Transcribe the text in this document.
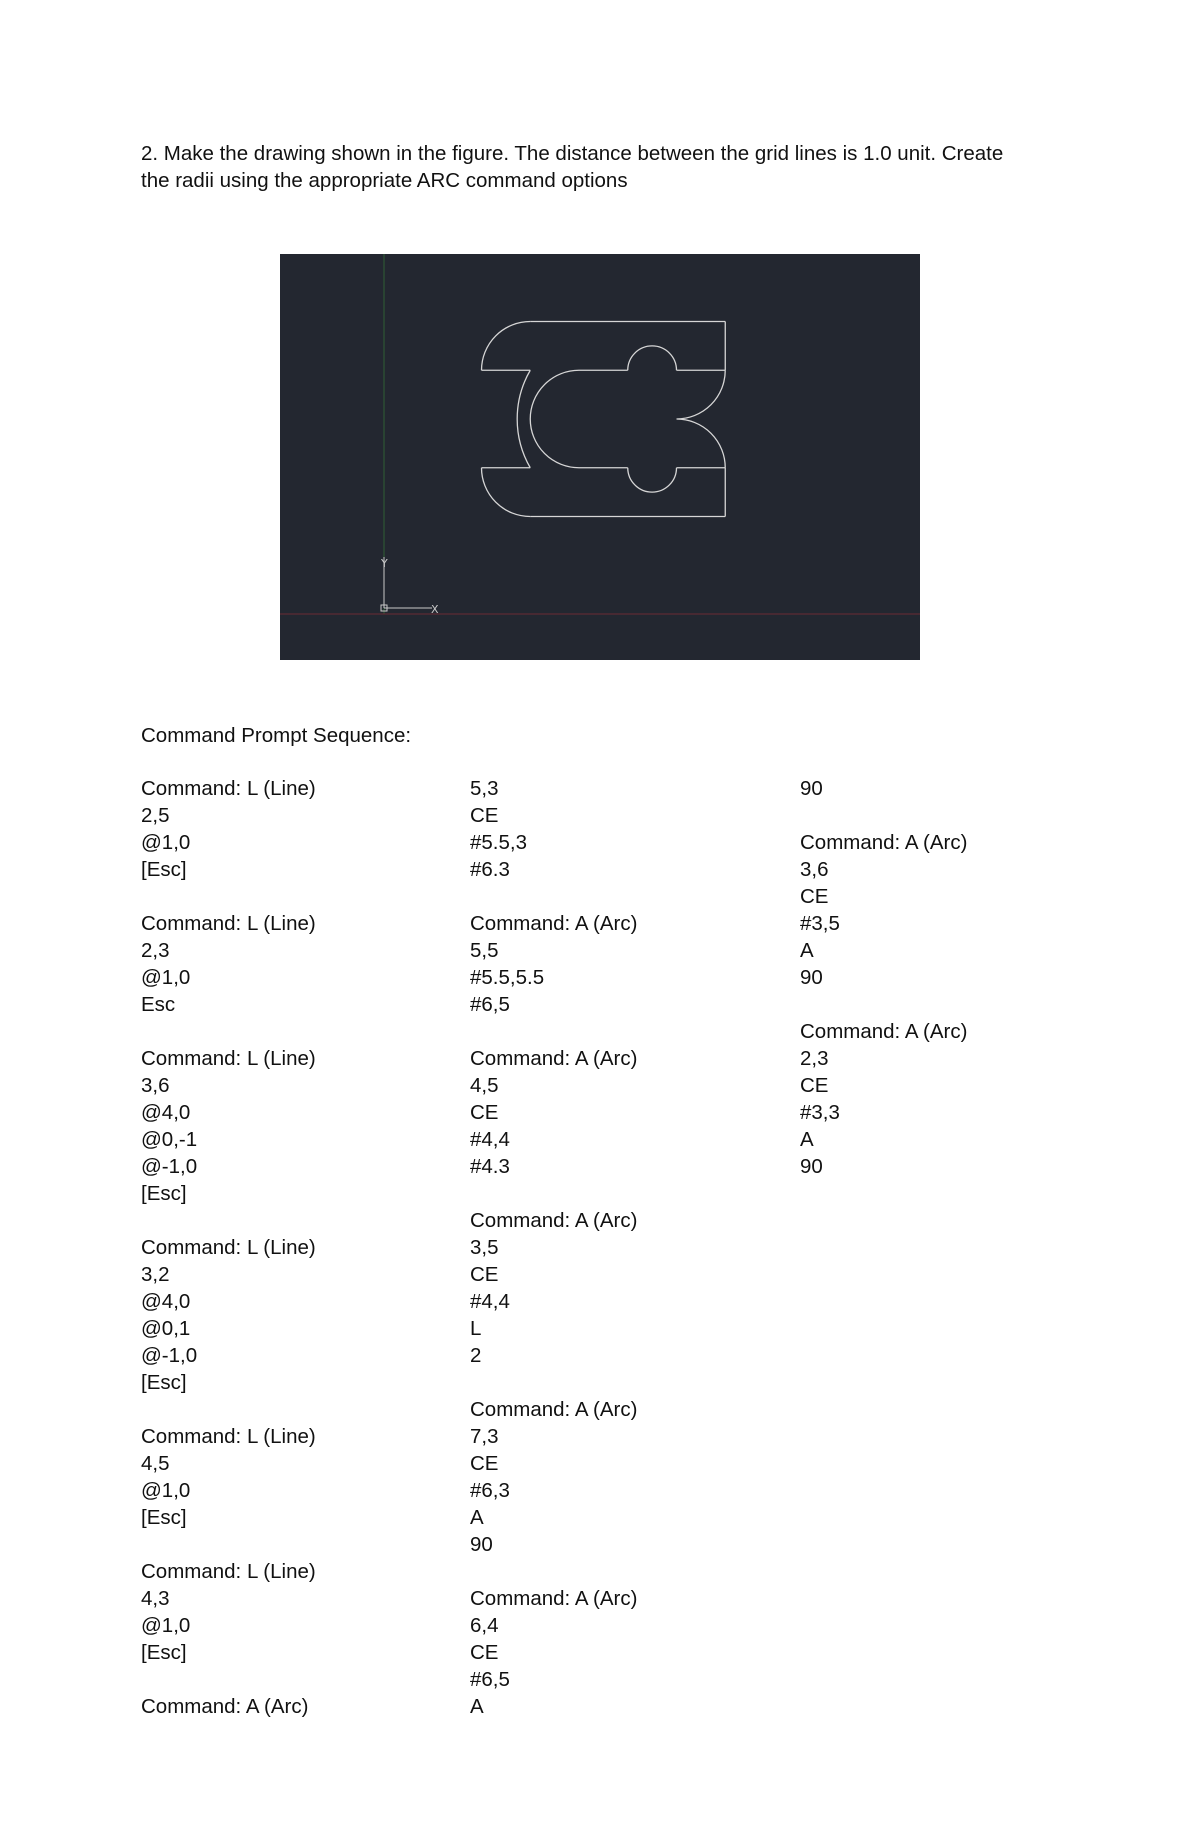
2. Make the drawing shown in the figure. The distance between the grid lines is 1.0 unit. Create
the radii using the appropriate ARC command options

Y
X

Command Prompt Sequence:

Command: L (Line)
2,5
@1,0
[Esc]
Command: L (Line)
2,3
@1,0
Esc
Command: L (Line)
3,6
@4,0
@0,-1
@-1,0
[Esc]
Command: L (Line)
3,2
@4,0
@0,1
@-1,0
[Esc]
Command: L (Line)
4,5
@1,0
[Esc]
Command: L (Line)
4,3
@1,0
[Esc]
Command: A (Arc)
5,3
CE
#5.5,3
#6.3
Command: A (Arc)
5,5
#5.5,5.5
#6,5
Command: A (Arc)
4,5
CE
#4,4
#4.3
Command: A (Arc)
3,5
CE
#4,4
L
2
Command: A (Arc)
7,3
CE
#6,3
A
90
Command: A (Arc)
6,4
CE
#6,5
A
90
Command: A (Arc)
3,6
CE
#3,5
A
90
Command: A (Arc)
2,3
CE
#3,3
A
90
